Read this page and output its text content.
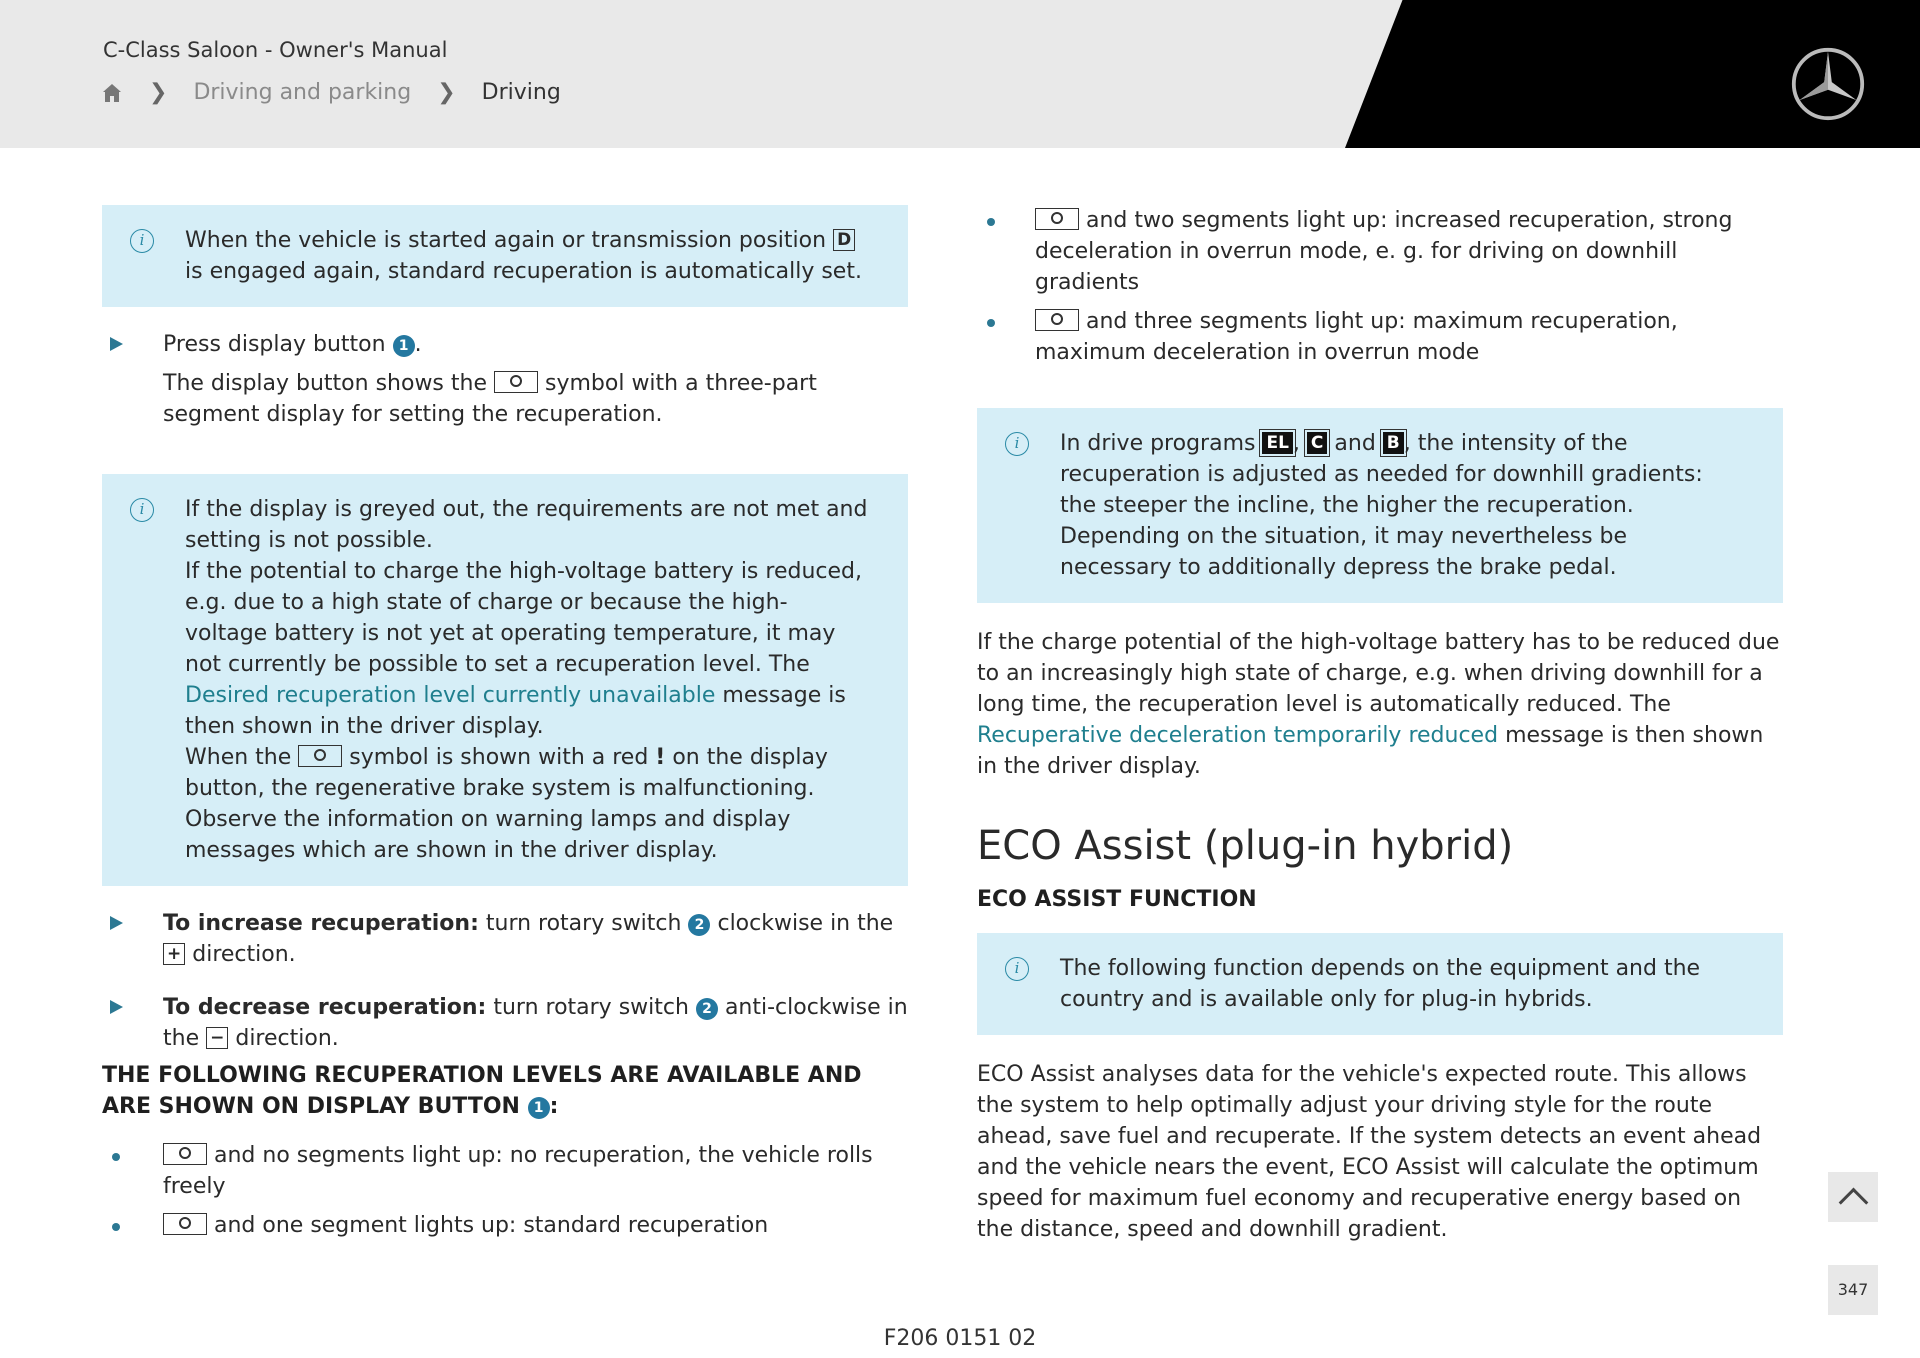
C-Class Saloon - Owner's Manual
❯ Driving and parking ❯ Driving
i	When the vehicle is started again or transmission position D is engaged again, standard recuperation is automatically set.
Press display button 1 .
The display button shows the	symbol with a three-part segment display for setting the recuperation.
i	If the display is greyed out, the requirements are not met and setting is not possible.
If the potential to charge the high-voltage battery is reduced, e.g. due to a high state of charge or because the high-voltage battery is not yet at operating temperature, it may not currently be possible to set a recuperation level. The Desired recuperation level currently unavailable message is then shown in the driver display.
When the	symbol is shown with a red ! on the display button, the regenerative brake system is malfunctioning. Observe the information on warning lamps and display messages which are shown in the driver display.
To increase recuperation: turn rotary switch 2 clockwise in the + direction.
To decrease recuperation: turn rotary switch 2 anti-clockwise in the − direction.
THE FOLLOWING RECUPERATION LEVELS ARE AVAILABLE AND ARE SHOWN ON DISPLAY BUTTON 1 :
and no segments light up: no recuperation, the vehicle rolls freely
and one segment lights up: standard recuperation
and two segments light up: increased recuperation, strong deceleration in overrun mode, e. g. for driving on downhill gradients
and three segments light up: maximum recuperation, maximum deceleration in overrun mode
i	In drive programs EL , C and B , the intensity of the recuperation is adjusted as needed for downhill gradients: the steeper the incline, the higher the recuperation. Depending on the situation, it may nevertheless be necessary to additionally depress the brake pedal.
If the charge potential of the high-voltage battery has to be reduced due to an increasingly high state of charge, e.g. when driving downhill for a long time, the recuperation level is automatically reduced. The Recuperative deceleration temporarily reduced message is then shown in the driver display.
ECO Assist (plug-in hybrid)
ECO ASSIST FUNCTION
i	The following function depends on the equipment and the country and is available only for plug-in hybrids.
ECO Assist analyses data for the vehicle's expected route. This allows the system to help optimally adjust your driving style for the route ahead, save fuel and recuperate. If the system detects an event ahead and the vehicle nears the event, ECO Assist will calculate the optimum speed for maximum fuel economy and recuperative energy based on the distance, speed and downhill gradient.
347
F206 0151 02
